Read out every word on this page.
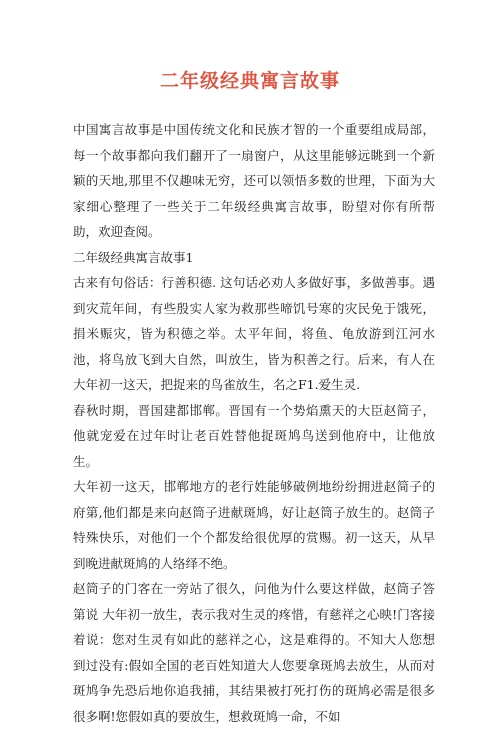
二年级经典寓言故事

中国寓言故事是中国传统文化和民族才智的一个重要组成局部，每一个故事都向我们翻开了一扇窗户，从这里能够远眺到一个新颖的天地,那里不仅趣味无穷，还可以领悟多数的世理，下面为大家细心整理了一些关于二年级经典寓言故事，盼望对你有所帮助，欢迎查阅。

二年级经典寓言故事1

古来有句俗话：行善积德. 这句话必劝人多做好事，多做善事。遇到灾荒年间，有些殷实人家为救那些啼饥号寒的灾民免于饿死，捐米赈灾，皆为积德之举。太平年间，将鱼、龟放游到江河水池，将鸟放飞到大自然，叫放生，皆为积善之行。后来，有人在大年初一这天，把捉来的鸟雀放生，名之F1.爱生灵.

春秋时期，晋国建都邯郸。晋国有一个势焰熏天的大臣赵简子，他就宠爱在过年时让老百姓替他捉斑鸠鸟送到他府中，让他放生。

大年初一这天，邯郸地方的老行姓能够破例地纷纷拥进赵简子的府第,他们都是来向赵筒子进献斑鸠，好让赵筒子放生的。赵筒子特殊快乐，对他们一个个都发给很优厚的赏赐。初一这天，从早到晚进献斑鸠的人络绎不绝。

赵筒子的门客在一旁站了很久，问他为什么要这样做，赵筒子答第说 大年初一放生，表示我对生灵的疼惜，有慈祥之心映!门客接着说：您对生灵有如此的慈祥之心，这是难得的。不知大人您想到过没有:假如全国的老百姓知道大人您要拿斑鸠去放生，从而对斑鸠争先恐后地你追我捕，其结果被打死打伤的斑鸠必需是很多很多啊!您假如真的要放生，想救斑鸠一命，不如
